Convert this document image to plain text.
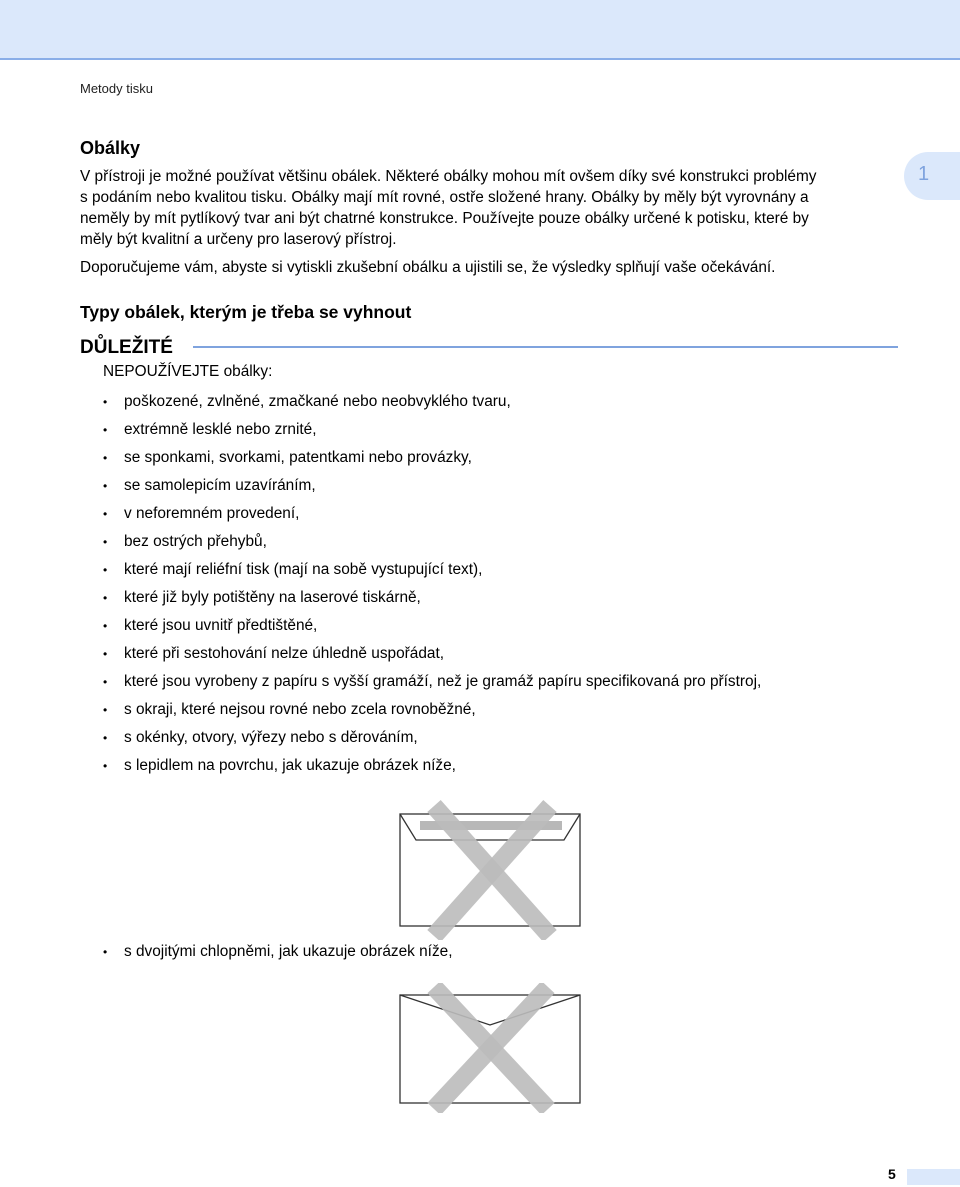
Metody tisku
1
Obálky

V přístroji je možné používat většinu obálek. Některé obálky mohou mít ovšem díky své konstrukci problémy
s podáním nebo kvalitou tisku. Obálky mají mít rovné, ostře složené hrany. Obálky by měly být vyrovnány a
neměly by mít pytlíkový tvar ani být chatrné konstrukce. Používejte pouze obálky určené k potisku, které by
měly být kvalitní a určeny pro laserový přístroj.

Doporučujeme vám, abyste si vytiskli zkušební obálku a ujistili se, že výsledky splňují vaše očekávání.

Typy obálek, kterým je třeba se vyhnout
DŮLEŽITÉ
NEPOUŽÍVEJTE obálky:
•	poškozené, zvlněné, zmačkané nebo neobvyklého tvaru,
•	extrémně lesklé nebo zrnité,
•	se sponkami, svorkami, patentkami nebo provázky,
•	se samolepicím uzavíráním,
•	v neforemném provedení,
•	bez ostrých přehybů,
•	které mají reliéfní tisk (mají na sobě vystupující text),
•	které již byly potištěny na laserové tiskárně,
•	které jsou uvnitř předtištěné,
•	které při sestohování nelze úhledně uspořádat,
•	které jsou vyrobeny z papíru s vyšší gramáží, než je gramáž papíru specifikovaná pro přístroj,
•	s okraji, které nejsou rovné nebo zcela rovnoběžné,
•	s okénky, otvory, výřezy nebo s děrováním,
•	s lepidlem na povrchu, jak ukazuje obrázek níže,
•	s dvojitými chlopněmi, jak ukazuje obrázek níže,
5
